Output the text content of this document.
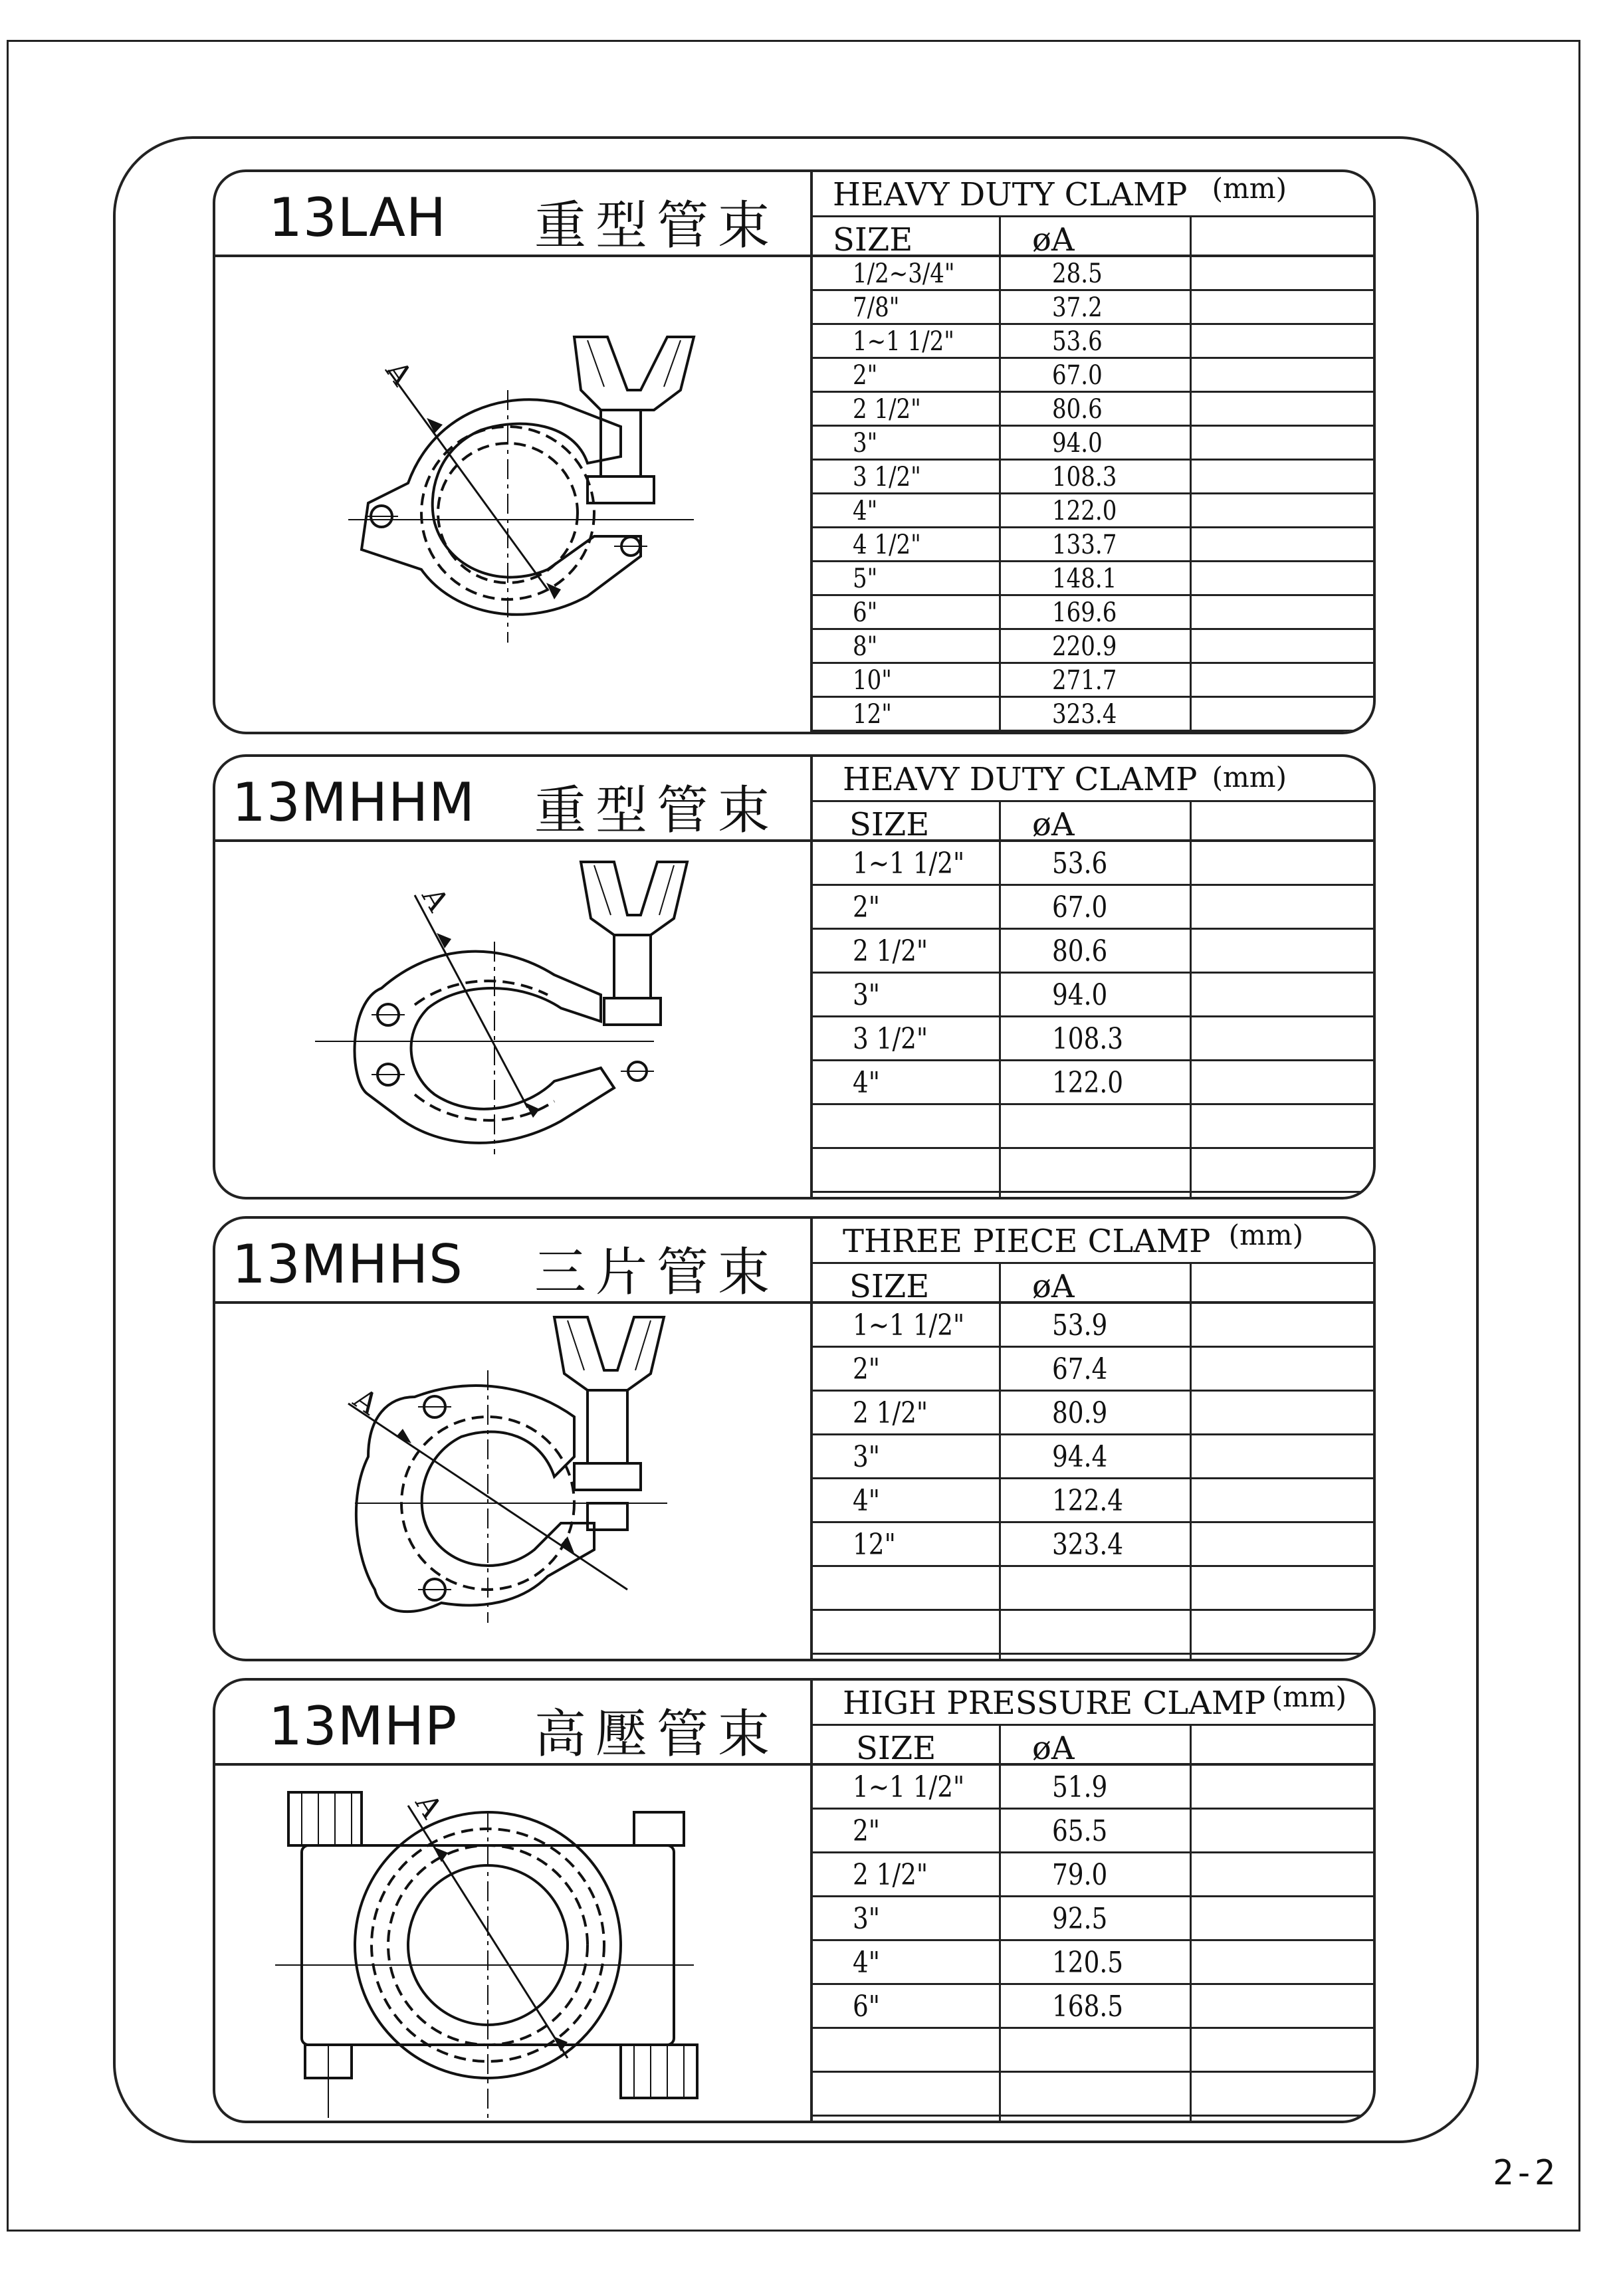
13LAH 重型管束
A
HEAVY DUTY CLAMP (mm)
SIZE	øA
1/2~3/4"	28.5
7/8"	37.2
1~1 1/2"	53.6
2"	67.0
2 1/2"	80.6
3"	94.0
3 1/2"	108.3
4"	122.0
4 1/2"	133.7
5"	148.1
6"	169.6
8"	220.9
10"	271.7
12"	323.4
13MHHM 重型管束
A
HEAVY DUTY CLAMP (mm)
SIZE	øA
1~1 1/2"	53.6
2"	67.0
2 1/2"	80.6
3"	94.0
3 1/2"	108.3
4"	122.0
13MHHS 三片管束
A
THREE PIECE CLAMP (mm)
SIZE	øA
1~1 1/2"	53.9
2"	67.4
2 1/2"	80.9
3"	94.4
4"	122.4
12"	323.4
13MHP 高壓管束
A
HIGH PRESSURE CLAMP (mm)
SIZE	øA
1~1 1/2"	51.9
2"	65.5
2 1/2"	79.0
3"	92.5
4"	120.5
6"	168.5
2-2
